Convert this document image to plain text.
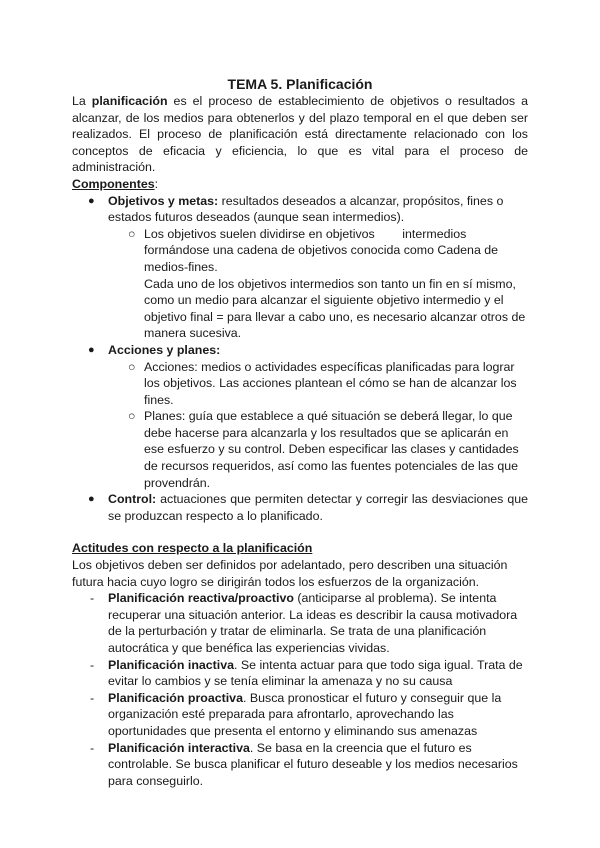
TEMA 5. Planificación

La planificación es el proceso de establecimiento de objetivos o resultados a alcanzar, de los medios para obtenerlos y del plazo temporal en el que deben ser realizados. El proceso de planificación está directamente relacionado con los conceptos de eficacia y eficiencia, lo que es vital para el proceso de administración.

Componentes:

● Objetivos y metas: resultados deseados a alcanzar, propósitos, fines o estados futuros deseados (aunque sean intermedios).
○ Los objetivos suelen dividirse en objetivos        intermedios formándose una cadena de objetivos conocida como Cadena de medios-fines.
Cada uno de los objetivos intermedios son tanto un fin en sí mismo, como un medio para alcanzar el siguiente objetivo intermedio y el objetivo final = para llevar a cabo uno, es necesario alcanzar otros de manera sucesiva.
● Acciones y planes:
○ Acciones: medios o actividades específicas planificadas para lograr los objetivos. Las acciones plantean el cómo se han de alcanzar los fines.
○ Planes: guía que establece a qué situación se deberá llegar, lo que debe hacerse para alcanzarla y los resultados que se aplicarán en ese esfuerzo y su control. Deben especificar las clases y cantidades de recursos requeridos, así como las fuentes potenciales de las que provendrán.
● Control: actuaciones que permiten detectar y corregir las desviaciones que se produzcan respecto a lo planificado.

Actitudes con respecto a la planificación

Los objetivos deben ser definidos por adelantado, pero describen una situación futura hacia cuyo logro se dirigirán todos los esfuerzos de la organización.

- Planificación reactiva/proactivo (anticiparse al problema). Se intenta recuperar una situación anterior. La ideas es describir la causa motivadora de la perturbación y tratar de eliminarla. Se trata de una planificación autocrática y que benéfica las experiencias vividas.
- Planificación inactiva. Se intenta actuar para que todo siga igual. Trata de evitar lo cambios y se tenía eliminar la amenaza y no su causa
- Planificación proactiva. Busca pronosticar el futuro y conseguir que la organización esté preparada para afrontarlo, aprovechando las oportunidades que presenta el entorno y eliminando sus amenazas
- Planificación interactiva. Se basa en la creencia que el futuro es controlable. Se busca planificar el futuro deseable y los medios necesarios para conseguirlo.
